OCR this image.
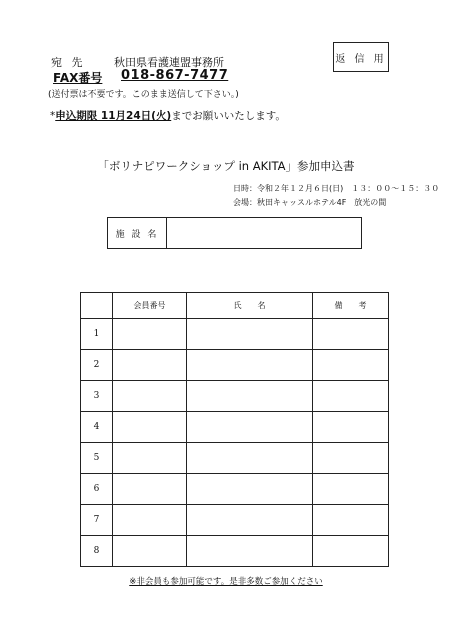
返 信 用
宛 先	秋田県看護連盟事務所
FAX番号 018-867-7477
(送付票は不要です。このまま送信して下さい。)
*申込期限 11月24日(火)までお願いいたします。
「ボリナピワークショップ in AKITA」参加申込書
日時：令和２年１２月６日(日)　１３：００～１５：３０
会場：秋田キャッスルホテル4F　放光の間
施 設 名
	会員番号	氏　　名	備　　考
1			
2			
3			
4			
5			
6			
7			
8			
※非会員も参加可能です。是非多数ご参加ください
